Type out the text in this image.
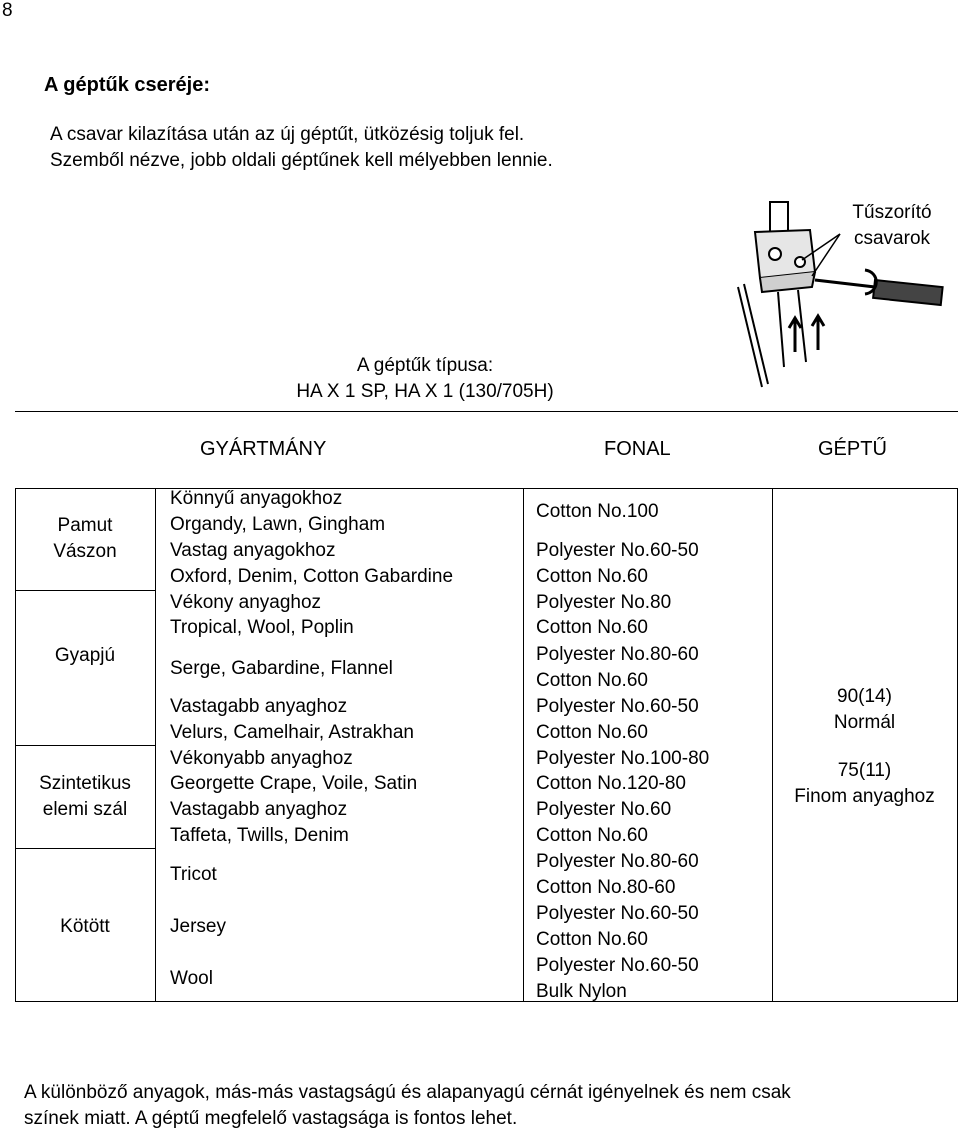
8
A géptűk cseréje:
A csavar kilazítása után az új géptűt, ütközésig toljuk fel.
Szemből nézve, jobb oldali géptűnek kell mélyebben lennie.
Tűszorító
csavarok
A géptűk típusa:
HA X 1 SP, HA X 1 (130/705H)
GYÁRTMÁNY	FONAL	GÉPTŰ
Pamut
Vászon
Gyapjú
Szintetikus
elemi szál
Kötött
Könnyű anyagokhoz
Organdy, Lawn, Gingham
Vastag anyagokhoz
Oxford, Denim, Cotton Gabardine
Vékony anyaghoz
Tropical, Wool, Poplin
Serge, Gabardine, Flannel
Vastagabb anyaghoz
Velurs, Camelhair, Astrakhan
Vékonyabb anyaghoz
Georgette Crape, Voile, Satin
Vastagabb anyaghoz
Taffeta, Twills, Denim
Tricot
Jersey
Wool
Cotton No.100
Polyester No.60-50
Cotton No.60
Polyester No.80
Cotton No.60
Polyester No.80-60
Cotton No.60
Polyester No.60-50
Cotton No.60
Polyester No.100-80
Cotton No.120-80
Polyester No.60
Cotton No.60
Polyester No.80-60
Cotton No.80-60
Polyester No.60-50
Cotton No.60
Polyester No.60-50
Bulk Nylon
90(14)
Normál
75(11)
Finom anyaghoz
A különböző anyagok, más-más vastagságú és alapanyagú cérnát igényelnek és nem csak
színek miatt. A géptű megfelelő vastagsága is fontos lehet.
